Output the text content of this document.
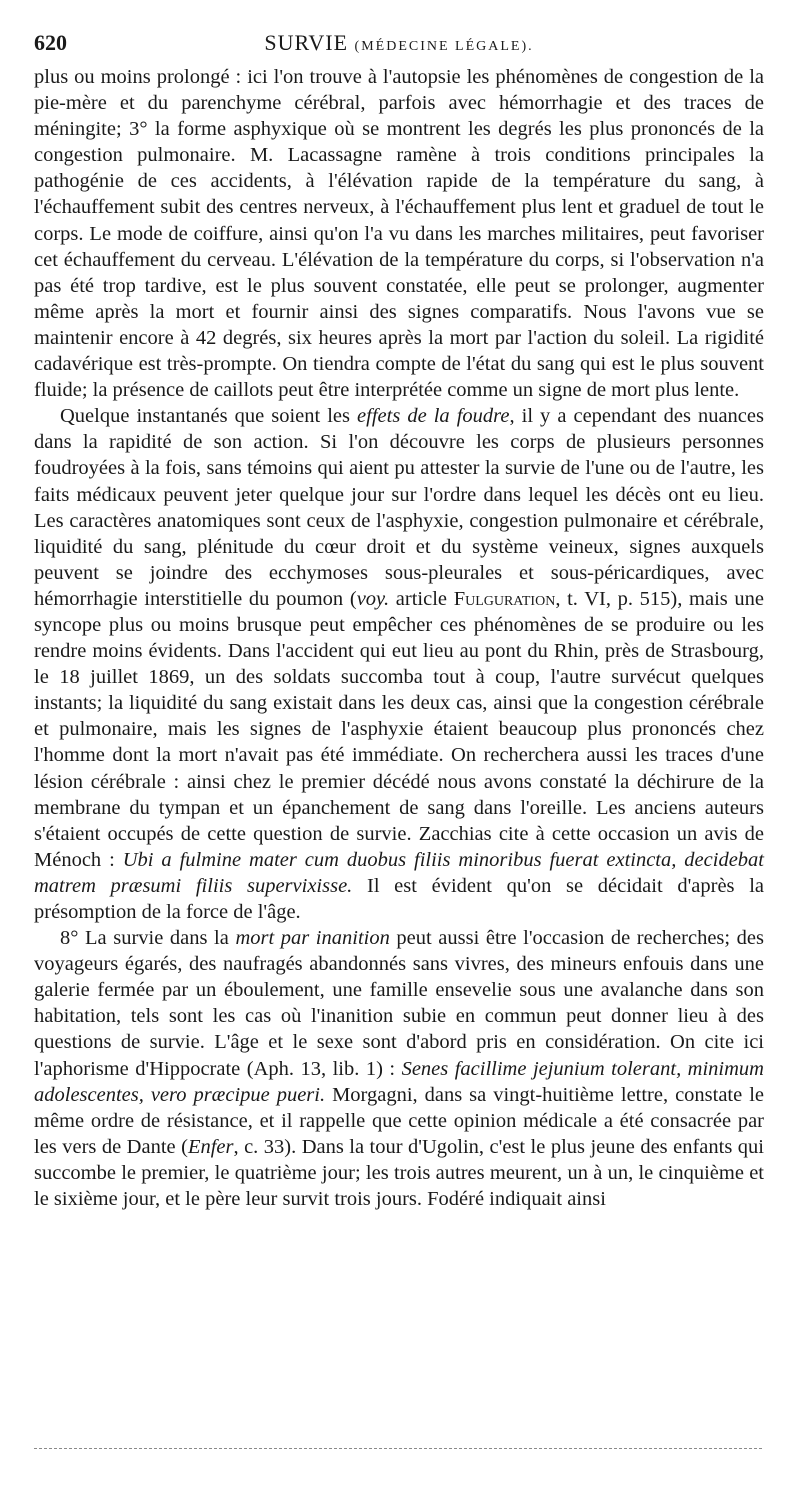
620	SURVIE (MÉDECINE LÉGALE).

plus ou moins prolongé : ici l'on trouve à l'autopsie les phénomènes de congestion de la pie-mère et du parenchyme cérébral, parfois avec hémorrhagie et des traces de méningite; 3° la forme asphyxique où se montrent les degrés les plus prononcés de la congestion pulmonaire. M. Lacassagne ramène à trois conditions principales la pathogénie de ces accidents, à l'élévation rapide de la température du sang, à l'échauffement subit des centres nerveux, à l'échauffement plus lent et graduel de tout le corps. Le mode de coiffure, ainsi qu'on l'a vu dans les marches militaires, peut favoriser cet échauffement du cerveau. L'élévation de la température du corps, si l'observation n'a pas été trop tardive, est le plus souvent constatée, elle peut se prolonger, augmenter même après la mort et fournir ainsi des signes comparatifs. Nous l'avons vue se maintenir encore à 42 degrés, six heures après la mort par l'action du soleil. La rigidité cadavérique est très-prompte. On tiendra compte de l'état du sang qui est le plus souvent fluide; la présence de caillots peut être interprétée comme un signe de mort plus lente.

Quelque instantanés que soient les effets de la foudre, il y a cependant des nuances dans la rapidité de son action. Si l'on découvre les corps de plusieurs personnes foudroyées à la fois, sans témoins qui aient pu attester la survie de l'une ou de l'autre, les faits médicaux peuvent jeter quelque jour sur l'ordre dans lequel les décès ont eu lieu. Les caractères anatomiques sont ceux de l'asphyxie, congestion pulmonaire et cérébrale, liquidité du sang, plénitude du cœur droit et du système veineux, signes auxquels peuvent se joindre des ecchymoses sous-pleurales et sous-péricardiques, avec hémorrhagie interstitielle du poumon (voy. article Fulguration, t. VI, p. 515), mais une syncope plus ou moins brusque peut empêcher ces phénomènes de se produire ou les rendre moins évidents. Dans l'accident qui eut lieu au pont du Rhin, près de Strasbourg, le 18 juillet 1869, un des soldats succomba tout à coup, l'autre survécut quelques instants; la liquidité du sang existait dans les deux cas, ainsi que la congestion cérébrale et pulmonaire, mais les signes de l'asphyxie étaient beaucoup plus prononcés chez l'homme dont la mort n'avait pas été immédiate. On recherchera aussi les traces d'une lésion cérébrale : ainsi chez le premier décédé nous avons constaté la déchirure de la membrane du tympan et un épanchement de sang dans l'oreille. Les anciens auteurs s'étaient occupés de cette question de survie. Zacchias cite à cette occasion un avis de Ménoch : Ubi a fulmine mater cum duobus filiis minoribus fuerat extincta, decidebat matrem præsumi filiis supervixisse. Il est évident qu'on se décidait d'après la présomption de la force de l'âge.

8° La survie dans la mort par inanition peut aussi être l'occasion de recherches; des voyageurs égarés, des naufragés abandonnés sans vivres, des mineurs enfouis dans une galerie fermée par un éboulement, une famille ensevelie sous une avalanche dans son habitation, tels sont les cas où l'inanition subie en commun peut donner lieu à des questions de survie. L'âge et le sexe sont d'abord pris en considération. On cite ici l'aphorisme d'Hippocrate (Aph. 13, lib. 1) : Senes facillime jejunium tolerant, minimum adolescentes, vero præcipue pueri. Morgagni, dans sa vingt-huitième lettre, constate le même ordre de résistance, et il rappelle que cette opinion médicale a été consacrée par les vers de Dante (Enfer, c. 33). Dans la tour d'Ugolin, c'est le plus jeune des enfants qui succombe le premier, le quatrième jour; les trois autres meurent, un à un, le cinquième et le sixième jour, et le père leur survit trois jours. Fodéré indiquait ainsi
